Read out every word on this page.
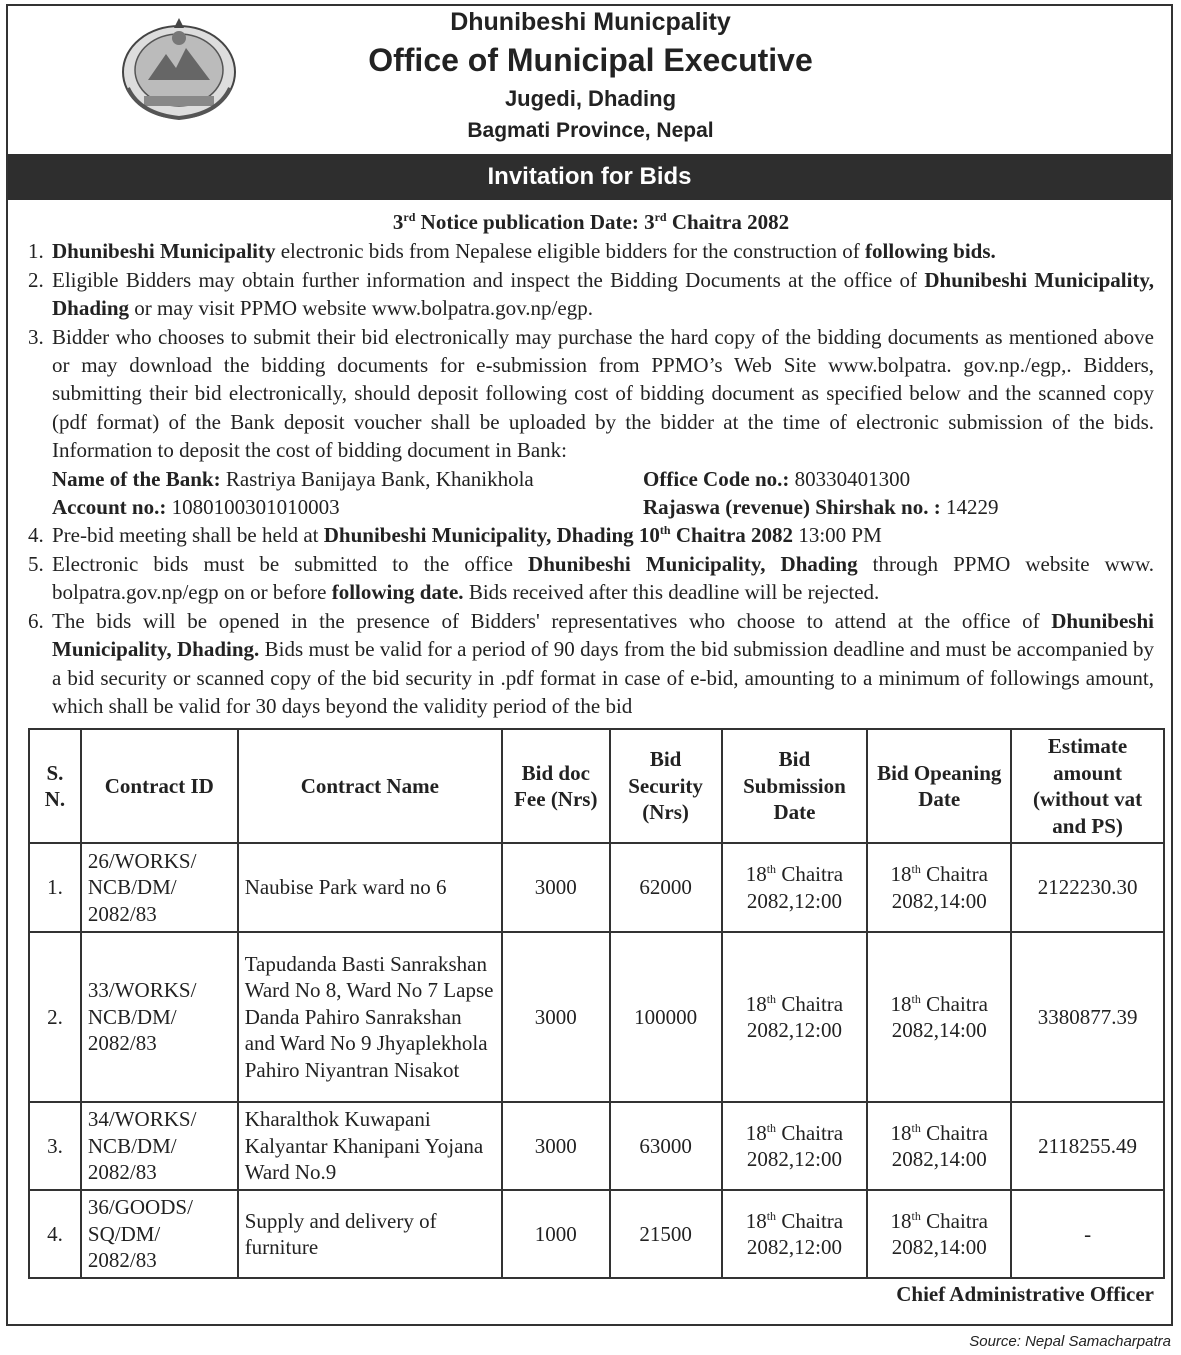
Dhunibeshi Municpality
Office of Municipal Executive
Jugedi, Dhading
Bagmati Province, Nepal
Invitation for Bids
3rd Notice publication Date: 3rd Chaitra 2082
1. Dhunibeshi Municipality electronic bids from Nepalese eligible bidders for the construction of following bids.
2. Eligible Bidders may obtain further information and inspect the Bidding Documents at the office of Dhunibeshi Municipality, Dhading or may visit PPMO website www.bolpatra.gov.np/egp.
3. Bidder who chooses to submit their bid electronically may purchase the hard copy of the bidding documents as mentioned above or may download the bidding documents for e-submission from PPMO’s Web Site www.bolpatra. gov.np./egp,. Bidders, submitting their bid electronically, should deposit following cost of bidding document as specified below and the scanned copy (pdf format) of the Bank deposit voucher shall be uploaded by the bidder at the time of electronic submission of the bids. Information to deposit the cost of bidding document in Bank:
Name of the Bank: Rastriya Banijaya Bank, Khanikhola	Office Code no.: 80330401300
Account no.: 1080100301010003	Rajaswa (revenue) Shirshak no. : 14229
4. Pre-bid meeting shall be held at Dhunibeshi Municipality, Dhading 10th Chaitra 2082 13:00 PM
5. Electronic bids must be submitted to the office Dhunibeshi Municipality, Dhading through PPMO website www. bolpatra.gov.np/egp on or before following date. Bids received after this deadline will be rejected.
6. The bids will be opened in the presence of Bidders' representatives who choose to attend at the office of Dhunibeshi Municipality, Dhading. Bids must be valid for a period of 90 days from the bid submission deadline and must be accompanied by a bid security or scanned copy of the bid security in .pdf format in case of e-bid, amounting to a minimum of followings amount, which shall be valid for 30 days beyond the validity period of the bid
S. N.	Contract ID	Contract Name	Bid doc Fee (Nrs)	Bid Security (Nrs)	Bid Submission Date	Bid Opeaning Date	Estimate amount (without vat and PS)
1.	26/WORKS/ NCB/DM/ 2082/83	Naubise Park ward no 6	3000	62000	18th Chaitra 2082,12:00	18th Chaitra 2082,14:00	2122230.30
2.	33/WORKS/ NCB/DM/ 2082/83	Tapudanda Basti Sanrakshan Ward No 8, Ward No 7 Lapse Danda Pahiro Sanrakshan and Ward No 9 Jhyaplekhola Pahiro Niyantran Nisakot	3000	100000	18th Chaitra 2082,12:00	18th Chaitra 2082,14:00	3380877.39
3.	34/WORKS/ NCB/DM/ 2082/83	Kharalthok Kuwapani Kalyantar Khanipani Yojana Ward No.9	3000	63000	18th Chaitra 2082,12:00	18th Chaitra 2082,14:00	2118255.49
4.	36/GOODS/ SQ/DM/ 2082/83	Supply and delivery of furniture	1000	21500	18th Chaitra 2082,12:00	18th Chaitra 2082,14:00	-
Chief Administrative Officer
Source: Nepal Samacharpatra
